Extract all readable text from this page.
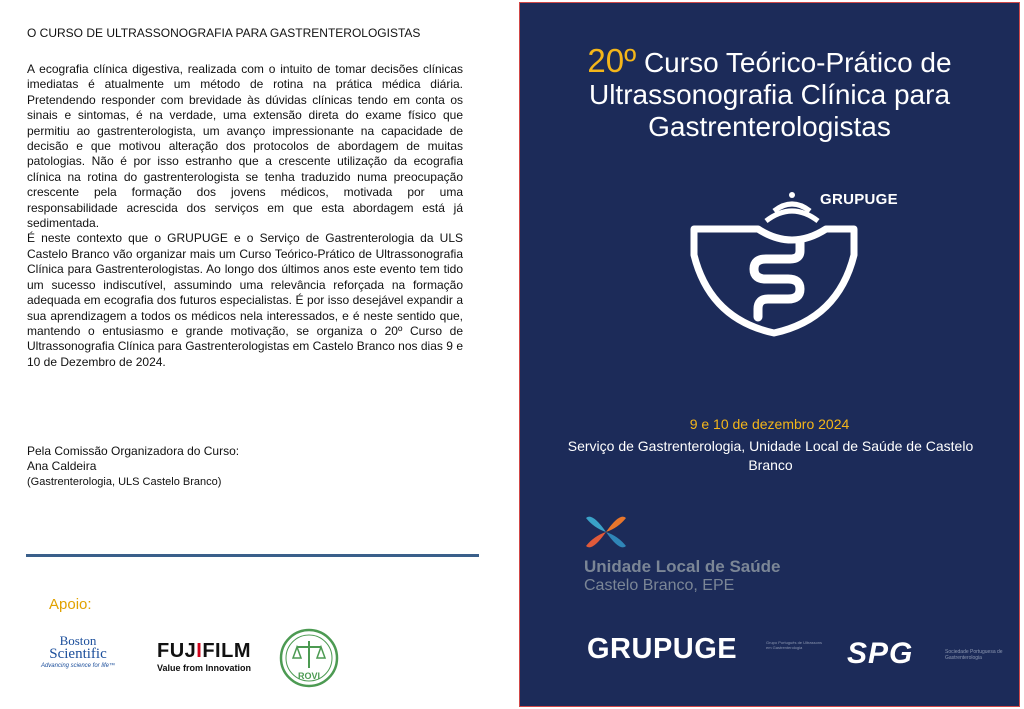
O CURSO DE ULTRASSONOGRAFIA PARA GASTRENTEROLOGISTAS

A ecografia clínica digestiva, realizada com o intuito de tomar decisões clínicas imediatas é atualmente um método de rotina na prática médica diária. Pretendendo responder com brevidade às dúvidas clínicas tendo em conta os sinais e sintomas, é na verdade, uma extensão direta do exame físico que permitiu ao gastrenterologista, um avanço impressionante na capacidade de decisão e que motivou alteração dos protocolos de abordagem de muitas patologias. Não é por isso estranho que a crescente utilização da ecografia clínica na rotina do gastrenterologista se tenha traduzido numa preocupação crescente pela formação dos jovens médicos, motivada por uma responsabilidade acrescida dos serviços em que esta abordagem está já sedimentada.

É neste contexto que o GRUPUGE e o Serviço de Gastrenterologia da ULS Castelo Branco vão organizar mais um Curso Teórico-Prático de Ultrassonografia Clínica para Gastrenterologistas. Ao longo dos últimos anos este evento tem tido um sucesso indiscutível, assumindo uma relevância reforçada na formação adequada em ecografia dos futuros especialistas. É por isso desejável expandir a sua aprendizagem a todos os médicos nela interessados, e é neste sentido que, mantendo o entusiasmo e grande motivação, se organiza o 20º Curso de Ultrassonografia Clínica para Gastrenterologistas em Castelo Branco nos dias 9 e 10 de Dezembro de 2024.

Pela Comissão Organizadora do Curso:
Ana Caldeira
(Gastrenterologia, ULS Castelo Branco)
Apoio:
Boston
Scientific
Advancing science for life™
FUJIFILM
Value from Innovation
ROVI
20º Curso Teórico-Prático de
Ultrassonografia Clínica para
Gastrenterologistas
GRUPUGE
9 e 10 de dezembro 2024
Serviço de Gastrenterologia, Unidade Local de Saúde de Castelo Branco
Unidade Local de Saúde
Castelo Branco, EPE
GRUPUGE	Grupo Português de Ultrassons em Gastrenterologia	SPG	Sociedade Portuguesa de Gastrenterologia
